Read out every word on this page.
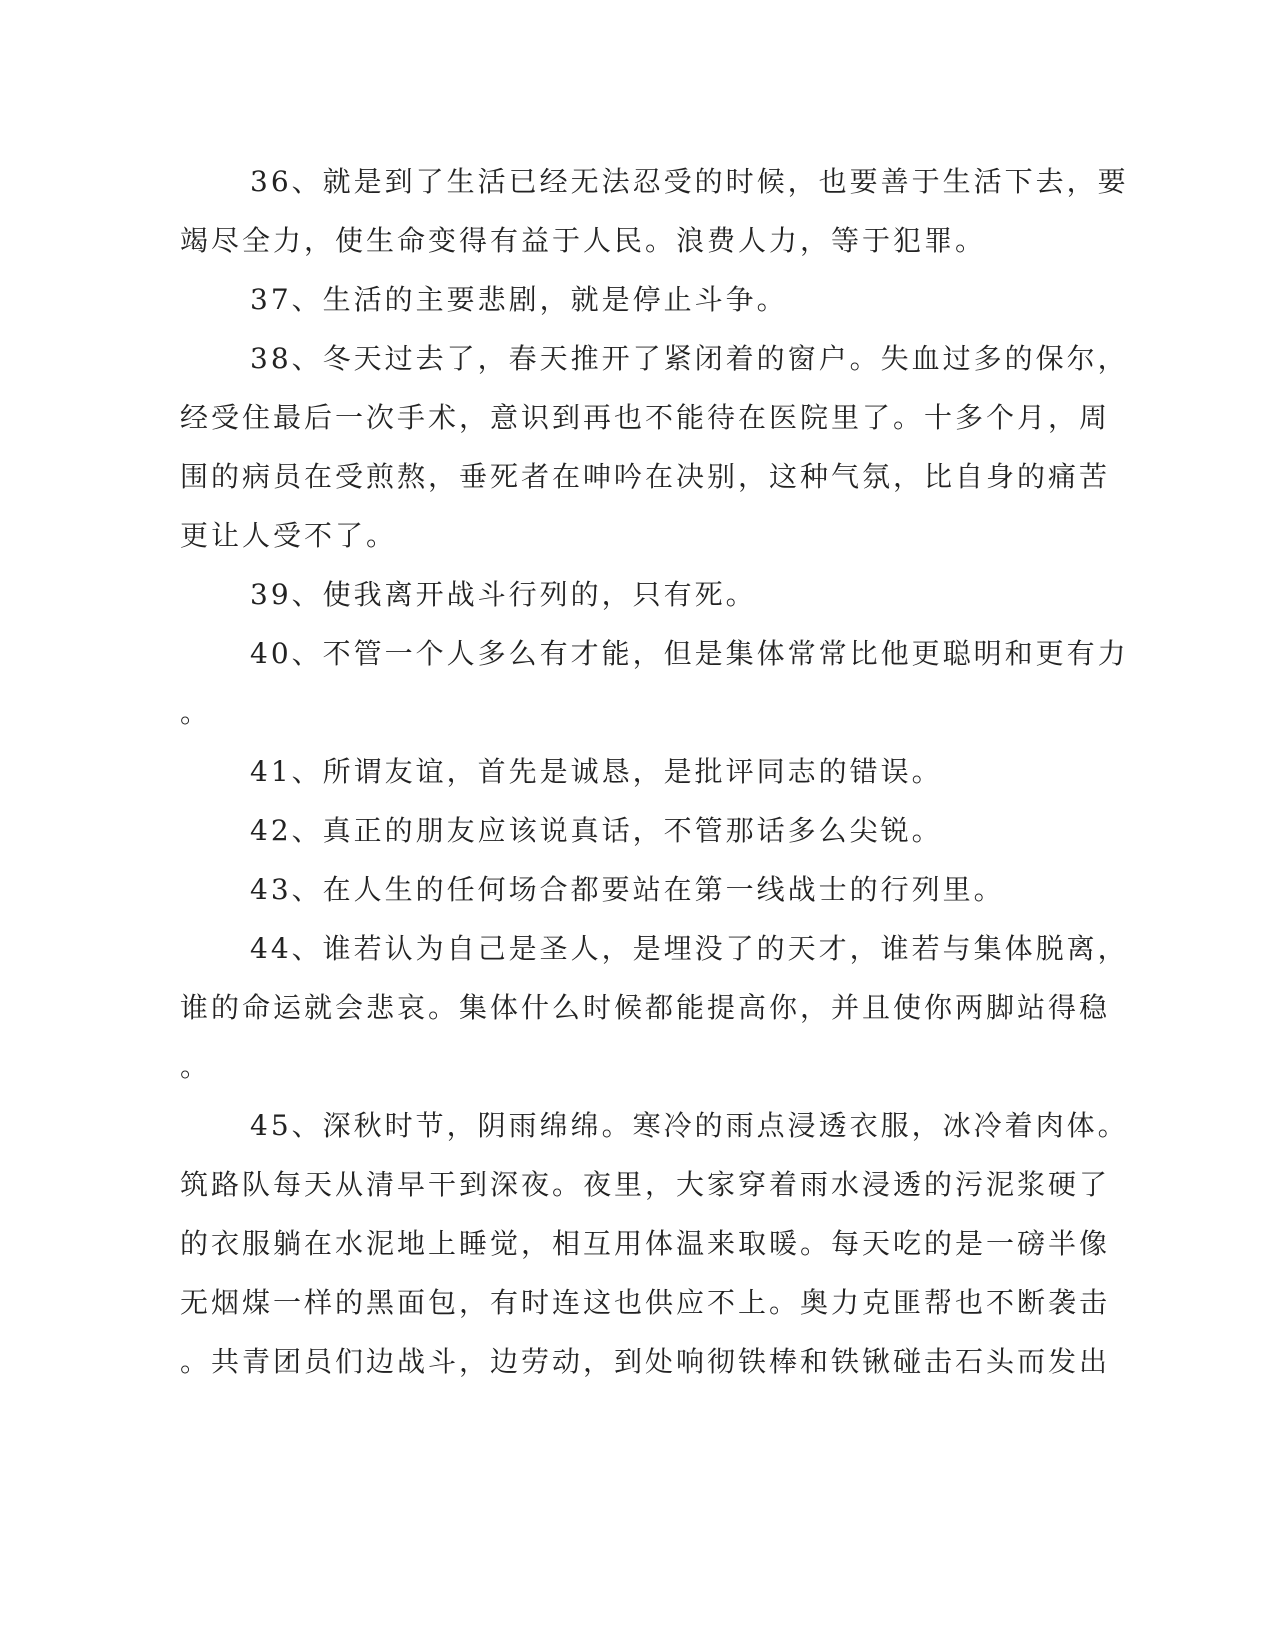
36、就是到了生活已经无法忍受的时候，也要善于生活下去，要
竭尽全力，使生命变得有益于人民。浪费人力，等于犯罪。
37、生活的主要悲剧，就是停止斗争。
38、冬天过去了，春天推开了紧闭着的窗户。失血过多的保尔，
经受住最后一次手术，意识到再也不能待在医院里了。十多个月，周
围的病员在受煎熬，垂死者在呻吟在决别，这种气氛，比自身的痛苦
更让人受不了。
39、使我离开战斗行列的，只有死。
40、不管一个人多么有才能，但是集体常常比他更聪明和更有力
。
41、所谓友谊，首先是诚恳，是批评同志的错误。
42、真正的朋友应该说真话，不管那话多么尖锐。
43、在人生的任何场合都要站在第一线战士的行列里。
44、谁若认为自己是圣人，是埋没了的天才，谁若与集体脱离，
谁的命运就会悲哀。集体什么时候都能提高你，并且使你两脚站得稳
。
45、深秋时节，阴雨绵绵。寒冷的雨点浸透衣服，冰冷着肉体。
筑路队每天从清早干到深夜。夜里，大家穿着雨水浸透的污泥浆硬了
的衣服躺在水泥地上睡觉，相互用体温来取暖。每天吃的是一磅半像
无烟煤一样的黑面包，有时连这也供应不上。奥力克匪帮也不断袭击
。共青团员们边战斗，边劳动，到处响彻铁棒和铁锹碰击石头而发出
